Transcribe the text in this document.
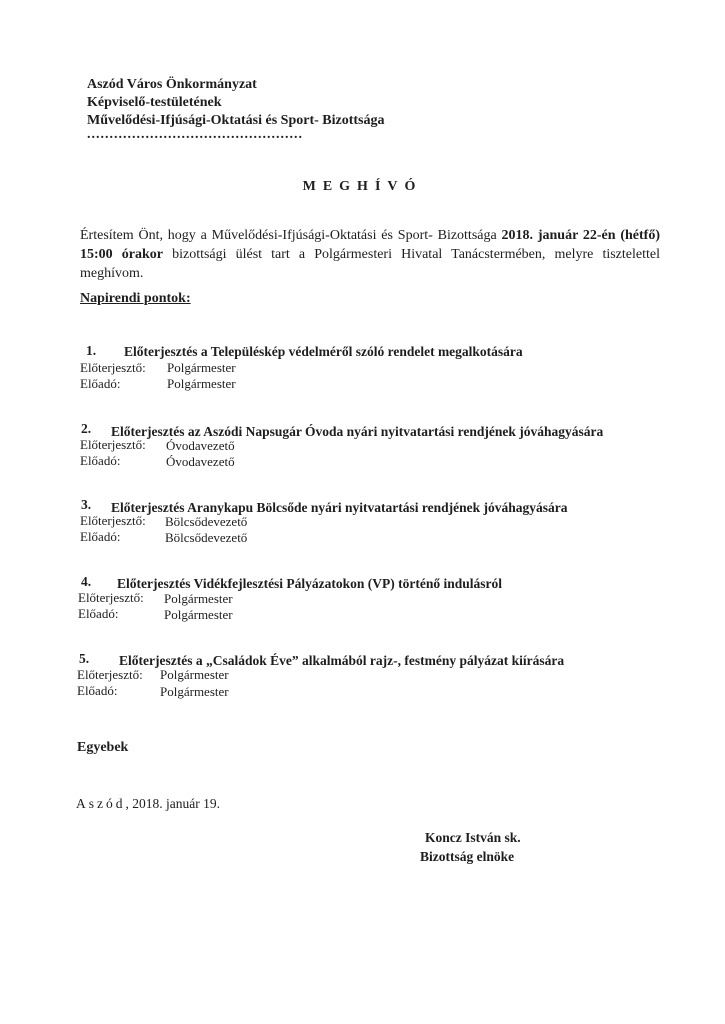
Aszód Város Önkormányzat
Képviselő-testületének
Művelődési-Ifjúsági-Oktatási és Sport- Bizottsága
................................................
MEGHÍVÓ
Értesítem Önt, hogy a Művelődési-Ifjúsági-Oktatási és Sport- Bizottsága 2018. január 22-én (hétfő) 15:00 órakor bizottsági ülést tart a Polgármesteri Hivatal Tanácstermében, melyre tisztelettel meghívom.
Napirendi pontok:
1. Előterjesztés a Településkép védelméről szóló rendelet megalkotására
Előterjesztő: Polgármester
Előadó:	Polgármester
2. Előterjesztés az Aszódi Napsugár Óvoda nyári nyitvatartási rendjének jóváhagyására
Előterjesztő: Óvodavezető
Előadó:	Óvodavezető
3. Előterjesztés Aranykapu Bölcsőde nyári nyitvatartási rendjének jóváhagyására
Előterjesztő: Bölcsődevezető
Előadó:	Bölcsődevezető
4. Előterjesztés Vidékfejlesztési Pályázatokon (VP) történő indulásról
Előterjesztő: Polgármester
Előadó:	Polgármester
5. Előterjesztés a „Családok Éve” alkalmából rajz-, festmény pályázat kiírására
Előterjesztő: Polgármester
Előadó:	Polgármester
Egyebek
Aszód, 2018. január 19.
Koncz István sk.
Bizottság elnöke
